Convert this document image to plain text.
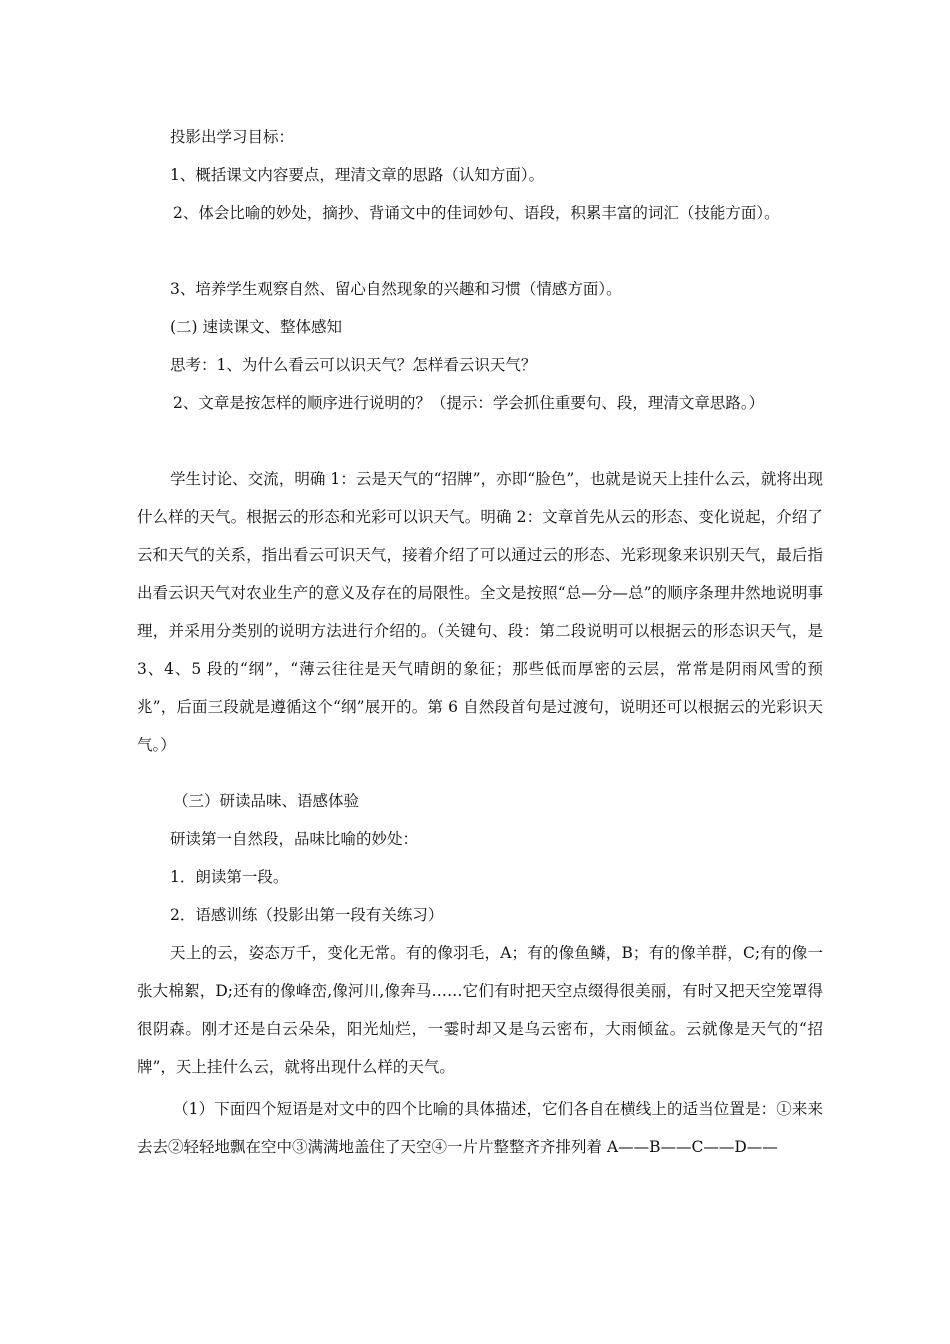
投影出学习目标：

1、概括课文内容要点，理清文章的思路（认知方面）。

2、体会比喻的妙处，摘抄、背诵文中的佳词妙句、语段，积累丰富的词汇（技能方面）。

3、培养学生观察自然、留心自然现象的兴趣和习惯（情感方面）。

(二) 速读课文、整体感知

思考：1、为什么看云可以识天气？怎样看云识天气？

2、文章是按怎样的顺序进行说明的？（提示：学会抓住重要句、段，理清文章思路。）

学生讨论、交流，明确 1：云是天气的“招牌”，亦即“脸色”，也就是说天上挂什么云，就将出现什么样的天气。根据云的形态和光彩可以识天气。明确 2：文章首先从云的形态、变化说起，介绍了云和天气的关系，指出看云可识天气，接着介绍了可以通过云的形态、光彩现象来识别天气，最后指出看云识天气对农业生产的意义及存在的局限性。全文是按照“总—分—总”的顺序条理井然地说明事理，并采用分类别的说明方法进行介绍的。（关键句、段：第二段说明可以根据云的形态识天气，是 3、4、5 段的“纲”，“薄云往往是天气晴朗的象征；那些低而厚密的云层，常常是阴雨风雪的预兆”，后面三段就是遵循这个“纲”展开的。第 6 自然段首句是过渡句，说明还可以根据云的光彩识天气。）

（三）研读品味、语感体验

研读第一自然段，品味比喻的妙处：

1．朗读第一段。

2．语感训练（投影出第一段有关练习）

天上的云，姿态万千，变化无常。有的像羽毛，A；有的像鱼鳞，B；有的像羊群，C;有的像一张大棉絮，D;还有的像峰峦,像河川,像奔马……它们有时把天空点缀得很美丽，有时又把天空笼罩得很阴森。刚才还是白云朵朵，阳光灿烂，一霎时却又是乌云密布，大雨倾盆。云就像是天气的“招牌”，天上挂什么云，就将出现什么样的天气。

（1）下面四个短语是对文中的四个比喻的具体描述，它们各自在横线上的适当位置是：①来来去去②轻轻地飘在空中③满满地盖住了天空④一片片整整齐齐排列着 A——B——C——D——
